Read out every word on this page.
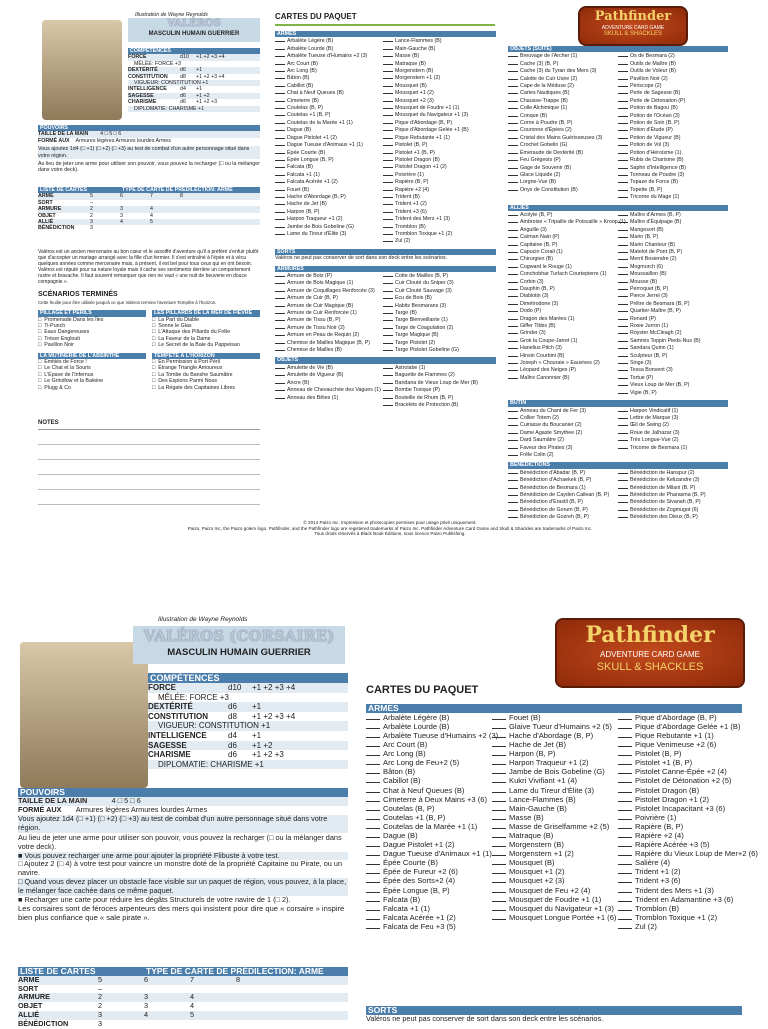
Illustration de Wayne Reynolds
VALÉROS
MASCULIN HUMAIN GUERRIER
COMPÉTENCES
FORCE	d10	+1 +2 +3 +4
MÊLÉE: FORCE +3
DEXTÉRITÉ	d6	+1
CONSTITUTION	d8	+1 +2 +3 +4
VIGUEUR: CONSTITUTION +1
INTELLIGENCE	d4	+1
SAGESSE	d6	+1 +2
CHARISME	d6	+1 +2 +3
DIPLOMATIE: CHARISME +1
POUVOIRS
TAILLE DE LA MAIN 4 □ 5 □ 6
FORMÉ AUX Armures légères Armures lourdes Armes
Vous ajoutez 1d4 (□ +1) (□ +2) (□ +3) au test de combat d'un autre personnage situé dans votre région.
Au lieu de jeter une arme pour utiliser son pouvoir, vous pouvez la recharger (□ ou la mélanger dans votre deck).
LISTE DE CARTES	TYPE DE CARTE DE PRÉDILECTION: ARME
ARME	5	6	7	8
SORT	–
ARMURE	2	3	4
OBJET	2	3	4
ALLIÉ	3	4	5
BÉNÉDICTION	3
Valéros est un ancien mercenaire au bon cœur et le assoiffé d'aventure qu'il a préféré s'enfuir plutôt que d'accepter un mariage arrangé avec la fille d'un fermier. Il s'est entraîné à l'épée et à vécu quelques années comme mercenaire mais, à présent, il est bel pour tous ceux qui en ont besoin. Valéros est réputé pour sa nature loyale mais il cache ses sentiments derrière un comportement rustre et bravache. Il faut souvent remarquer que rien ne vaut « une nuit de beuverie en douce compagnie ».
SCÉNARIOS TERMINÉS
Cette feuille pour être utilisée jusqu'à ce que Valéros termine l'aventure Tempête à l'horizon.
PILLAGE ET PÉRILS
□ Promenade Dans les Îles
□ Ti-Punch
□ Eaux Dangereuses
□ Trésor Englouti
□ Pavillon Noir
LES PILLARDS DE LA MER DE FIÈVRE
□ La Part du Diable
□ Sonne le Glas
□ L'Attaque des Pillards du Frêle
□ La Faveur de la Dame
□ Le Secret de la Baie du Pappeisan
LA MUTINERIE DE L'ABSINTHE
□ Emitiés de Force !
□ Le Chat et la Souris
□ L'Épave de l'Infernus
□ Le Grindlow et la Baleine
□ Plugg & Co
TEMPÊTE À L'HORIZON
□ En Permission à Port Péril
□ Étrange Triangle Amoureux
□ La Tombe du Banshe Saumâtre
□ Des Espions Parmi Nous
□ La Régate des Capitaines Libres
NOTES
CARTES DU PAQUET	Pathfinder
ADVENTURE CARD GAME
SKULL & SHACKLES
ARMES
Arbalète Légère (B)
Arbalète Lourde (B)
Arbalète Tueuse d'Humains +2 (3)
Arc Court (B)
Arc Long (B)
Bâton (B)
Cabillot (B)
Chat à Neuf Queues (B)
Cimeterre (B)
Coutelas (B, P)
Coutelas +1 (B, P)
Coutelas de la Marée +1 (1)
Dague (B)
Dague Pistolet +1 (2)
Dague Tueuse d'Animaux +1 (1)
Épée Courte (B)
Épée Longue (B, P)
Falcata (B)
Falcata +1 (1)
Falcata Acérée +1 (2)
Fouet (B)
Hache d'Abordage (B, P)
Hache de Jet (B)
Harpon (B, P)
Harpon Traqueur +1 (2)
Jambe de Bois Gobeline (G)
Lame du Tireur d'Élite (3)
Lance-Flammes (B)
Main-Gauche (B)
Masse (B)
Matraque (B)
Morgenstern (B)
Morgenstern +1 (2)
Mousquet (B)
Mousquet +1 (2)
Mousquet +2 (3)
Mousquet de Foudre +1 (1)
Mousquet du Navigateur +1 (3)
Pique d'Abordage (B, P)
Pique d'Abordage Gelée +1 (B)
Pique Rebutante +1 (1)
Pistolet (B, P)
Pistolet +1 (B, P)
Pistolet Dragon (B)
Pistolet Dragon +1 (2)
Poivrière (1)
Rapière (B, P)
Rapière +2 (4)
Trident (B)
Trident +1 (2)
Trident +3 (6)
Trident des Mers +1 (3)
Tromblon (B)
Tromblon Toxique +1 (2)
Zul (2)
SORTS
Valéros ne peut pas conserver de sort dans son deck entre les scénarios.
ARMURES
Armure de Bois (P)
Armure de Bois Magique (1)
Armure de Coquillages Renforcée (3)
Armure de Cuir (B, P)
Armure de Cuir Magique (B)
Armure de Cuir Renforcée (1)
Armure de Tissu (B, P)
Armure de Tissu Noir (2)
Armure en Peau de Requin (2)
Chemise de Mailles Magique (B, P)
Chemise de Mailles (B)
Cotte de Mailles (B, P)
Cuir Clouté du Sniper (3)
Cuir Clouté Sauvage (3)
Écu de Bois (B)
Habits Besmarans (3)
Targe (B)
Targe Bienveillante (1)
Targe de Coagulation (2)
Targe Magique (B)
Targe Pistolet (2)
Targe Pistolet Gobeline (G)
OBJETS
Amulette de Vie (B)
Amulette de Vigueur (B)
Ancre (B)
Anneau de Chevauchée des Vagues (1)
Anneau des Bêtes (1)
Astrolabe (1)
Baguette de Flammes (2)
Bandana de Vieux Loup de Mer (B)
Bombe Toxique (P)
Bouteille de Rhum (B, P)
Bracelets de Protection (B)
OBJETS (SUITE)
Breuvage de l'Archer (1)
Cache (3) (B, P)
Cache (3) du Tyran des Mers (3)
Calotte de Cuir Usée (2)
Cape de la Méduse (2)
Cartes Nautiques (B)
Chausse-Trappe (B)
Colle Alchimique (1)
Conque (B)
Corne à Poudre (B, P)
Couronne d'Épées (2)
Cristal des Mains Guérisseuses (3)
Crochet Gobelin (G)
Émeraude de Dextérité (B)
Feu Grégeois (P)
Gage de Souvenir (B)
Glace Liquide (2)
Lorgne-Vue (B)
Onyx de Constitution (B)
Os de Besmara (2)
Outils de Maître (B)
Outils de Voleur (B)
Pavillon Noir (2)
Périscope (2)
Perle de Sagesse (B)
Perle de Détonation (P)
Potion de Bagou (B)
Potion de l'Océan (3)
Potion de Soin (B, P)
Potion d'Étude (P)
Potion de Vigueur (B)
Potion de Vol (3)
Potion d'Héroïsme (1)
Rubis de Charisme (B)
Saphir d'Intelligence (B)
Tonneau de Poudre (3)
Topaze de Force (B)
Topette (B, P)
Tricorne du Mage (1)
ALLIÉS
Acolyte (B, P)
Ambroise « Tripaille de Poiscaille » Kroop (1)
Anguille (3)
Caïman Nain (P)
Capitaine (B, P)
Capucin Corail (1)
Chirurgien (B)
Cogward le Rouge (1)
Conchobhar Turlach Courtepierre (1)
Corbin (3)
Dauphin (B, P)
Diablotin (3)
Dimétrodone (3)
Dodo (P)
Dragon des Marées (1)
Giffer Tibbs (B)
Grinder (3)
Grok la Coupe-Jarret (1)
Hanelius Pitch (3)
Hinsin Courbini (B)
Joseph « Chouraie » Eauvives (2)
Léopard des Neiges (P)
Maître Canonnier (B)
Maître d'Armes (B, P)
Maître d'Équipage (B)
Mangesort (B)
Marin (B, P)
Marin Chanteur (B)
Matelot de Pont (B, P)
Merril Bosiendre (2)
Mogmurch (6)
Moussaillon (B)
Mousse (B)
Perroquet (B, P)
Pierce Jerrel (3)
Prêtre de Besmara (B, P)
Quartier-Maître (B, P)
Renard (P)
Rosie Jurron (1)
Royster McCleagh (2)
Sammis Toppin Pieds-Nus (B)
Sandara Quinn (1)
Sculpteur (B, P)
Singe (3)
Tessa Bonvent (3)
Tortue (P)
Vieux Loup de Mer (B, P)
Vigie (B, P)
BUTIN
Anneau du Chant de Fer (3)
Collier Totem (2)
Cuirasse du Boucanier (2)
Dame Agaste Smythee (2)
Dard Saumâtre (2)
Faveur des Pirates (3)
Frêle Colin (2)
Harpon Vindicatif (1)
Lettre de Marque (3)
Œil de Swing (2)
Roue de Jalhazar (3)
Très Longue-Vue (2)
Tricorne de Besmara (1)
BÉNÉDICTIONS
Bénédiction d'Abadar (B, P)
Bénédiction d'Achaekek (B, P)
Bénédiction de Besmara (1)
Bénédiction de Cayden Cailean (B, P)
Bénédiction d'Erastil (B, P)
Bénédiction de Gorum (B, P)
Bénédiction de Gozreh (B, P)
Bénédiction de Hanspur (2)
Bénédiction de Kelizandre (3)
Bénédiction de Milani (B, P)
Bénédiction de Pharasma (B, P)
Bénédiction de Sivanah (B, P)
Bénédiction de Zogmugot (6)
Bénédiction des Dieux (B, P)
© 2014 Paizo Inc. Impression et photocopies permises pour usage privé uniquement.
Paizo, Paizo Inc, the Paizo golem logo, Pathfinder, and the Pathfinder logo are registered trademarks of Paizo Inc. Pathfinder Adventure Card Game and Skull & Shackles are trademarks of Paizo Inc.
Tous droits réservés à Black Book Éditions, sous licence Paizo Publishing.
Illustration de Wayne Reynolds
VALÉROS (CORSAIRE)
MASCULIN HUMAIN GUERRIER
COMPÉTENCES
FORCE	d10	+1 +2 +3 +4
MÊLÉE: FORCE +3
DEXTÉRITÉ	d6	+1
CONSTITUTION	d8	+1 +2 +3 +4
VIGUEUR: CONSTITUTION +1
INTELLIGENCE	d4	+1
SAGESSE	d6	+1 +2
CHARISME	d6	+1 +2 +3
DIPLOMATIE: CHARISME +1
POUVOIRS
TAILLE DE LA MAIN	4 □ 5 □ 6
FORMÉ AUX Armures légères Armures lourdes Armes
Vous ajoutez 1d4 (□ +1) (□ +2) (□ +3) au test de combat d'un autre personnage situé dans votre région.
Au lieu de jeter une arme pour utiliser son pouvoir, vous pouvez la recharger (□ ou la mélanger dans votre deck).
■ Vous pouvez recharger une arme pour ajouter la propriété Flibuste à votre test.
□ Ajoutez 2 (□ 4) à votre test pour vaincre un monstre doté de la propriété Capitaine ou Pirate, ou un navire.
□ Quand vous devez placer un obstacle face visible sur un paquet de région, vous pouvez, à la place, le mélanger face cachée dans ce même paquet.
■ Recharger une carte pour réduire les dégâts Structurels de votre navire de 1 (□ 2).
Les corsaires sont de féroces arpenteurs des mers qui insistent pour dire que « corsaire » inspire bien plus confiance que « sale pirate ».
LISTE DE CARTES	TYPE DE CARTE DE PRÉDILECTION: ARME
ARME	5	6	7	8
SORT	–
ARMURE	2	3	4
OBJET	2	3	4
ALLIÉ	3	4	5
BÉNÉDICTION	3
CARTES DU PAQUET
Pathfinder
ADVENTURE CARD GAME
SKULL & SHACKLES
ARMES
Arbalète Légère (B)
Arbalète Lourde (B)
Arbalète Tueuse d'Humains +2 (3)
Arc Court (B)
Arc Long (B)
Arc Long de Feu+2 (5)
Bâton (B)
Cabillot (B)
Chat à Neuf Queues (B)
Cimeterre à Deux Mains +3 (6)
Coutelas (B, P)
Coutelas +1 (B, P)
Coutelas de la Marée +1 (1)
Dague (B)
Dague Pistolet +1 (2)
Dague Tueuse d'Animaux +1 (1)
Épée Courte (B)
Épée de Fureur +2 (6)
Épée des Sorts+2 (4)
Épée Longue (B, P)
Falcata (B)
Falcata +1 (1)
Falcata Acérée +1 (2)
Falcata de Feu +3 (5)
Fouet (B)
Glaive Tueur d'Humains +2 (5)
Hache d'Abordage (B, P)
Hache de Jet (B)
Harpon (B, P)
Harpon Traqueur +1 (2)
Jambe de Bois Gobeline (G)
Kukri Vivifiant +1 (4)
Lame du Tireur d'Élite (3)
Lance-Flammes (B)
Main-Gauche (B)
Masse (B)
Masse de Griselfamme +2 (5)
Matraque (B)
Morgenstern (B)
Morgenstern +1 (2)
Mousquet (B)
Mousquet +1 (2)
Mousquet +2 (3)
Mousquet de Feu +2 (4)
Mousquet de Foudre +1 (1)
Mousquet du Navigateur +1 (3)
Mousquet Longue Portée +1 (6)
Pique d'Abordage (B, P)
Pique d'Abordage Gelée +1 (B)
Pique Rebutante +1 (1)
Pique Venimeuse +2 (6)
Pistolet (B, P)
Pistolet +1 (B, P)
Pistolet Canne-Épée +2 (4)
Pistolet de Détonation +2 (5)
Pistolet Dragon (B)
Pistolet Dragon +1 (2)
Pistolet Incapacitant +3 (6)
Poivrière (1)
Rapière (B, P)
Rapière +2 (4)
Rapière Acérée +3 (5)
Rapière du Vieux Loup de Mer+2 (6)
Salière (4)
Trident +1 (2)
Trident +3 (6)
Trident des Mers +1 (3)
Trident en Adamantine +3 (6)
Tromblon (B)
Tromblon Toxique +1 (2)
Zul (2)
SORTS
Valéros ne peut pas conserver de sort dans son deck entre les scénarios.
